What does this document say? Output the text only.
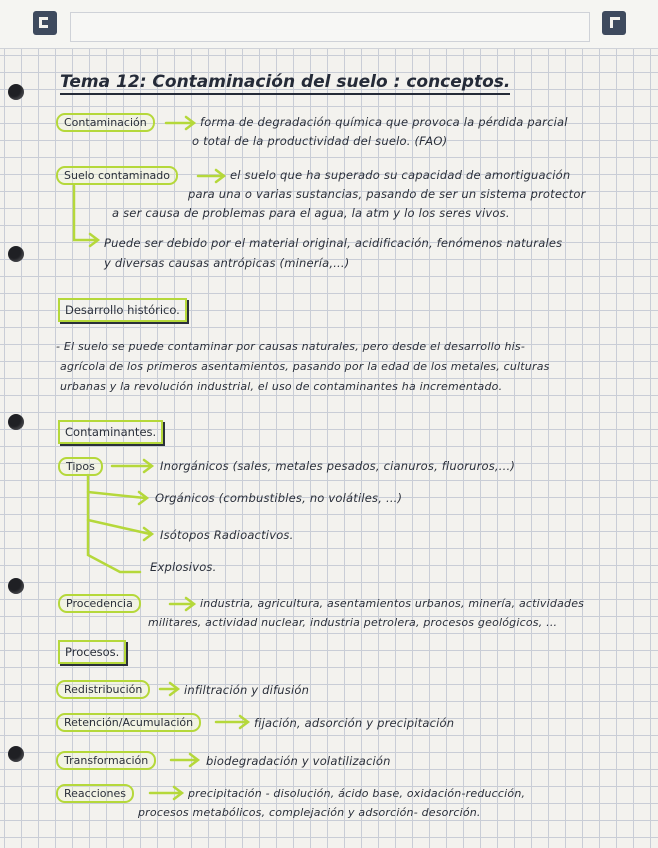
Tema 12: Contaminación del suelo : conceptos.
Contaminación	forma de degradación química que provoca la pérdida parcial
o total de la productividad del suelo. (FAO)
Suelo contaminado	el suelo que ha superado su capacidad de amortiguación
para una o varias sustancias, pasando de ser un sistema protector
a ser causa de problemas para el agua, la atm y lo los seres vivos.
Puede ser debido por el material original, acidificación, fenómenos naturales
y diversas causas antrópicas (minería,...)
Desarrollo histórico.
- El suelo se puede contaminar por causas naturales, pero desde el desarrollo his-
agrícola de los primeros asentamientos, pasando por la edad de los metales, culturas
urbanas y la revolución industrial, el uso de contaminantes ha incrementado.
Contaminantes.
Tipos	Inorgánicos (sales, metales pesados, cianuros, fluoruros,...)
Orgánicos (combustibles, no volátiles, ...)
Isótopos Radioactivos.
Explosivos.
Procedencia	industria, agricultura, asentamientos urbanos, minería, actividades
militares, actividad nuclear, industria petrolera, procesos geológicos, ...
Procesos.
Redistribución	infiltración y difusión
Retención/Acumulación	fijación, adsorción y precipitación
Transformación	biodegradación y volatilización
Reacciones	precipitación - disolución, ácido base, oxidación-reducción,
procesos metabólicos, complejación y adsorción- desorción.
